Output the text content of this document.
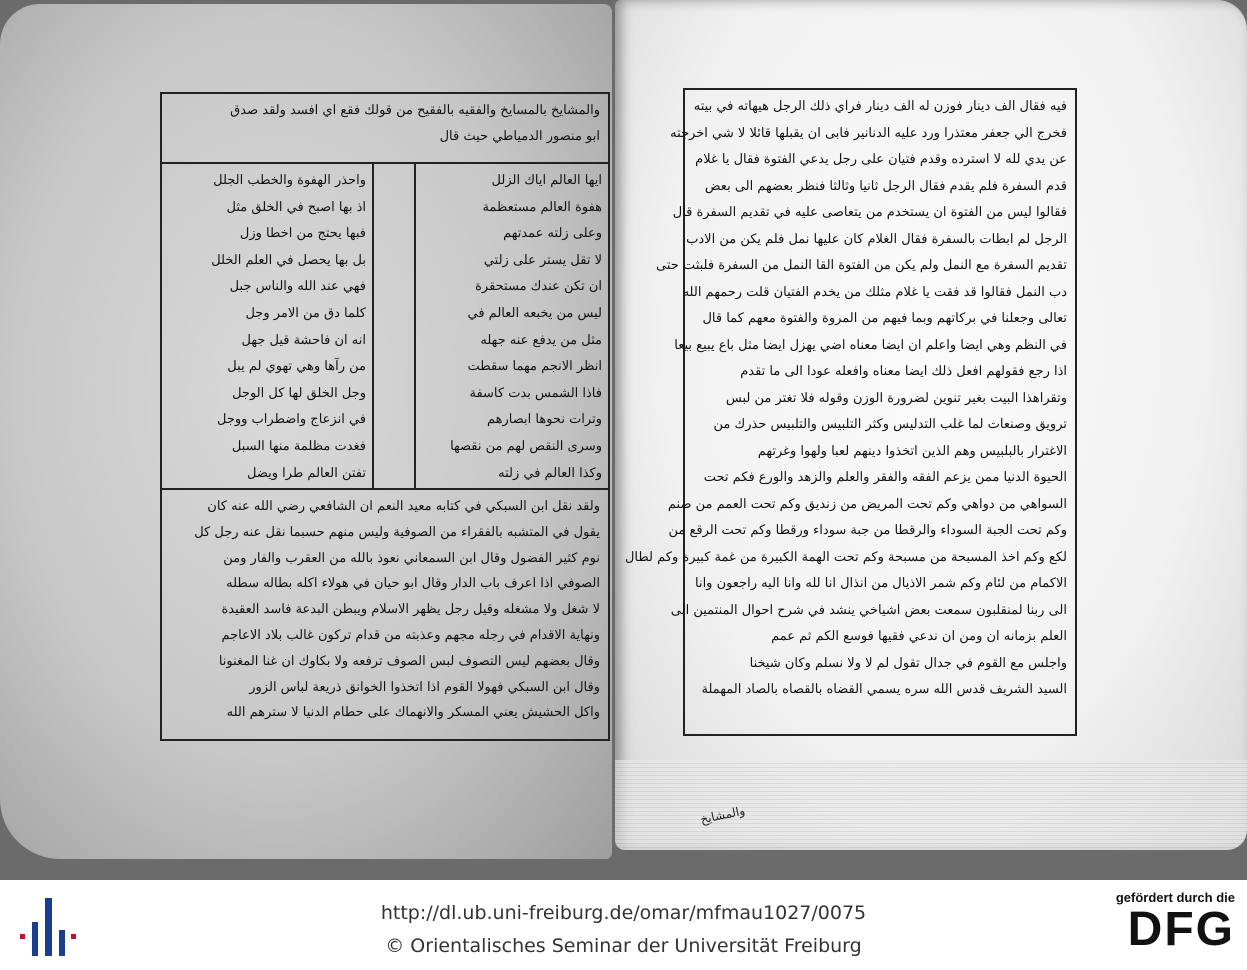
والمشايخ بالمسايخ والفقيه بالفقيح من قولك فقع اي افسد ولقد صدق
ابو منصور الدمياطي حيث قال
ايها العالم اياك الزلل
هفوة العالم مستعظمة
وعلى زلته عمدتهم
لا تقل يستر على زلتي
ان تكن عندك مستحقرة
ليس من يخبعه العالم في
مثل من يدفع عنه جهله
انظر الانجم مهما سقطت
فاذا الشمس بدت كاسفة
وترات نحوها ابصارهم
وسرى النقص لهم من نقصها
وكذا العالم في زلته
واحذر الهفوة والخطب الجلل
اذ بها اصبح في الخلق مثل
فبها يحتج من اخطا وزل
بل بها يحصل في العلم الخلل
فهي عند الله والناس جبل
كلما دق من الامر وجل
انه ان فاحشة قيل جهل
من رآها وهي تهوي لم يبل
وجل الخلق لها كل الوجل
في انزعاج واضطراب ووجل
فغدت مظلمة منها السبل
تفتن العالم طرا ويضل
ولقد نقل ابن السبكي في كتابه معيد النعم ان الشافعي رضي الله عنه كان
يقول في المتشبه بالفقراء من الصوفية وليس منهم حسبما نقل عنه رجل كل
نوم كثير الفضول وقال ابن السمعاني نعوذ بالله من العقرب والفار ومن
الصوفي اذا اعرف باب الدار وقال ابو حيان في هولاء اكله بطاله سطله
لا شغل ولا مشغله وقيل رجل يظهر الاسلام ويبطن البدعة فاسد العقيدة
ونهاية الاقدام في رجله مجهم وعذبته من قدام تركون غالب بلاد الاعاجم
وقال بعضهم ليس التصوف لبس الصوف ترفعه ولا بكاوك ان غنا المغنونا
وقال ابن السبكي فهولا القوم اذا اتخذوا الخوانق ذريعة لباس الزور
واكل الحشيش يعني المسكر والانهماك على حطام الدنيا لا سترهم الله
فيه فقال الف دينار فوزن له الف دينار فراي ذلك الرجل هيهاته في بيته
فخرج الي جعفر معتذرا ورد عليه الدنانير فابى ان يقبلها قائلا لا شي اخرجته
عن يدي لله لا استرده وقدم فتيان على رجل يدعي الفتوة فقال يا غلام
قدم السفرة فلم يقدم فقال الرجل ثانيا وثالثا فنظر بعضهم الى بعض
فقالوا ليس من الفتوة ان يستخدم من يتعاصى عليه في تقديم السفرة قال
الرجل لم ابطات بالسفرة فقال الغلام كان عليها نمل فلم يكن من الادب
تقديم السفرة مع النمل ولم يكن من الفتوة القا النمل من السفرة فلبثت حتى
دب النمل فقالوا قد فقت يا غلام مثلك من يخدم الفتيان قلت رحمهم الله
تعالى وجعلنا في بركاتهم وبما فيهم من المروة والفتوة معهم كما قال
في النظم وهي ايضا واعلم ان ايضا معناه اضي يهزل ايضا مثل باع يبيع بيعا
اذا رجع فقولهم افعل ذلك ايضا معناه وافعله عودا الى ما تقدم
وتقراهذا البيت بغير تنوين لضرورة الوزن وقوله فلا تغتر من لبس
ترويق وصنعات لما غلب التدليس وكثر التلبيس والتلبيس حذرك من
الاغترار بالبلبيس وهم الذين اتخذوا دينهم لعبا ولهوا وغرتهم
الحيوة الدنيا ممن يزعم الفقه والفقر والعلم والزهد والورع فكم تحت
السواهي من دواهي وكم تحت المريض من زنديق وكم تحت العمم من صنم
وكم تحت الجبة السوداء والرقطا من جبة سوداء ورقطا وكم تحت الرقع من
لكع وكم اخذ المسبحة من مسبحة وكم تحت الهمة الكبيرة من غمة كبيرة وكم لطال
الاكمام من لئام وكم شمر الاذيال من انذال انا لله وانا اليه راجعون وانا
الى ربنا لمنقلبون سمعت بعض اشياخي ينشد في شرح احوال المنتمين الى
العلم بزمانه ان ومن ان ندعي فقيها فوسع الكم ثم عمم
واجلس مع القوم في جدال تقول لم لا ولا نسلم وكان شيخنا
السيد الشريف قدس الله سره يسمي القضاه بالقصاه بالصاد المهملة
والمشايخ
http://dl.ub.uni-freiburg.de/omar/mfmau1027/0075
© Orientalisches Seminar der Universität Freiburg
gefördert durch die
DFG
